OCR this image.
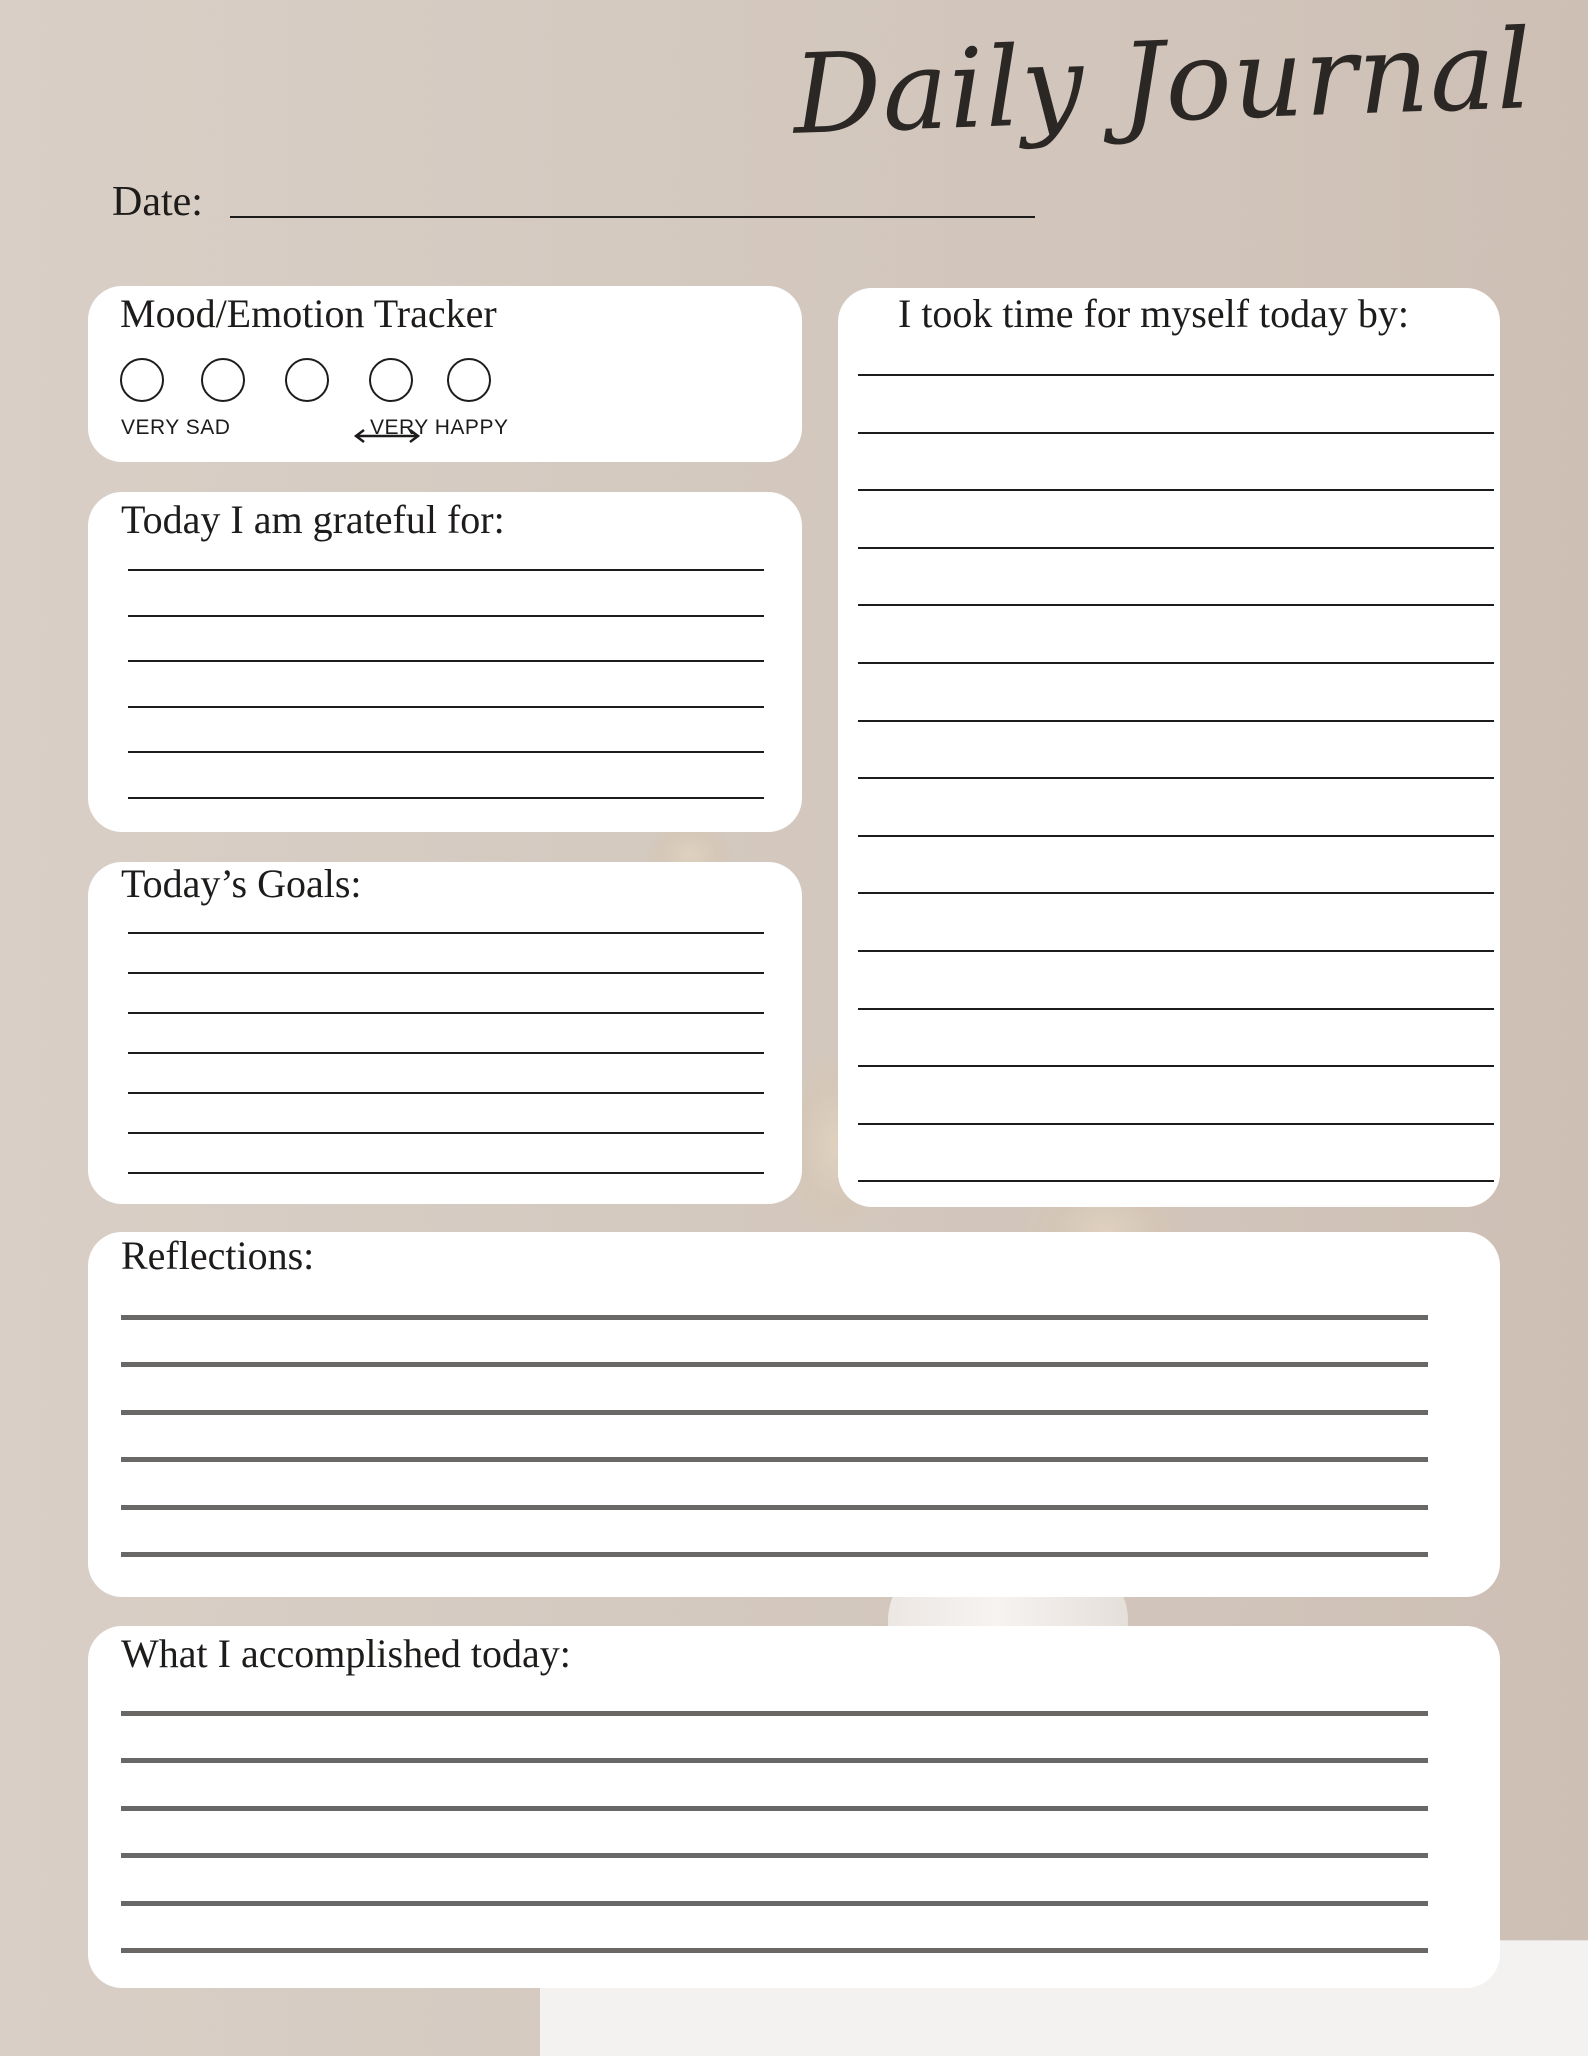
Daily Journal
Date:
Mood/Emotion Tracker
VERY SAD	VERY HAPPY
Today I am grateful for:
Today’s Goals:
I took time for myself today by:
Reflections:
What I accomplished today:
